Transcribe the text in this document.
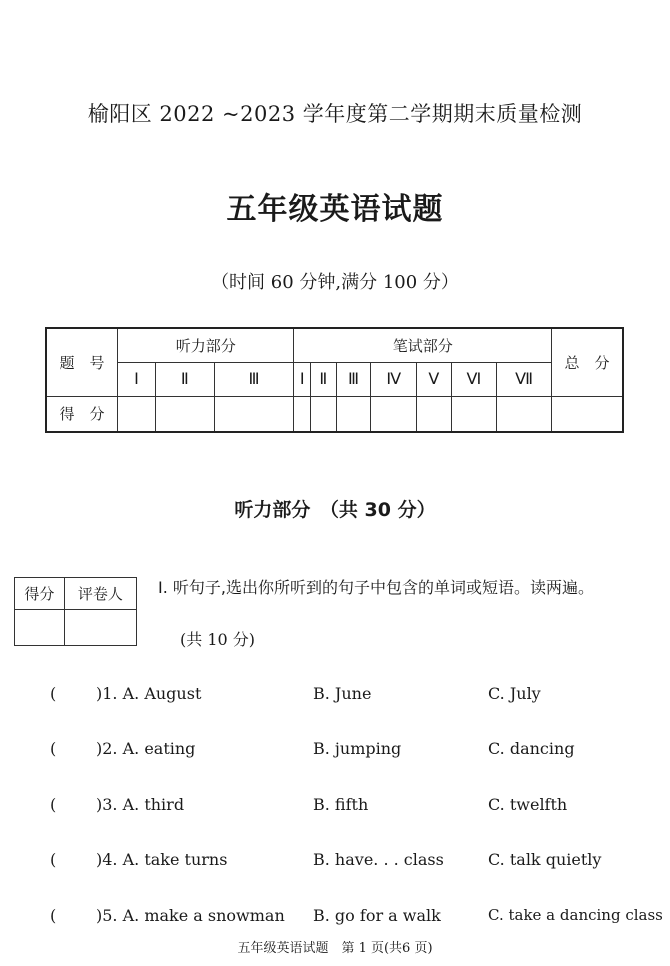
榆阳区 2022 ~2023 学年度第二学期期末质量检测
五年级英语试题
（时间 60 分钟,满分 100 分）
题　号	听力部分			笔试部分							总　分
	Ⅰ	Ⅱ	Ⅲ	Ⅰ	Ⅱ	Ⅲ	Ⅳ	Ⅴ	Ⅵ	Ⅶ	
得　分											
听力部分　（共 30 分）
得分	评卷人
	Ⅰ. 听句子,选出你所听到的句子中包含的单词或短语。读两遍。
(共 10 分)
( )1. A. August	B. June	C. July
( )2. A. eating	B. jumping	C. dancing
( )3. A. third	B. fifth	C. twelfth
( )4. A. take turns	B. have. . . class	C. talk quietly
( )5. A. make a snowman B. go for a walk	C. take a dancing class
五年级英语试题　第 1 页(共6 页)
